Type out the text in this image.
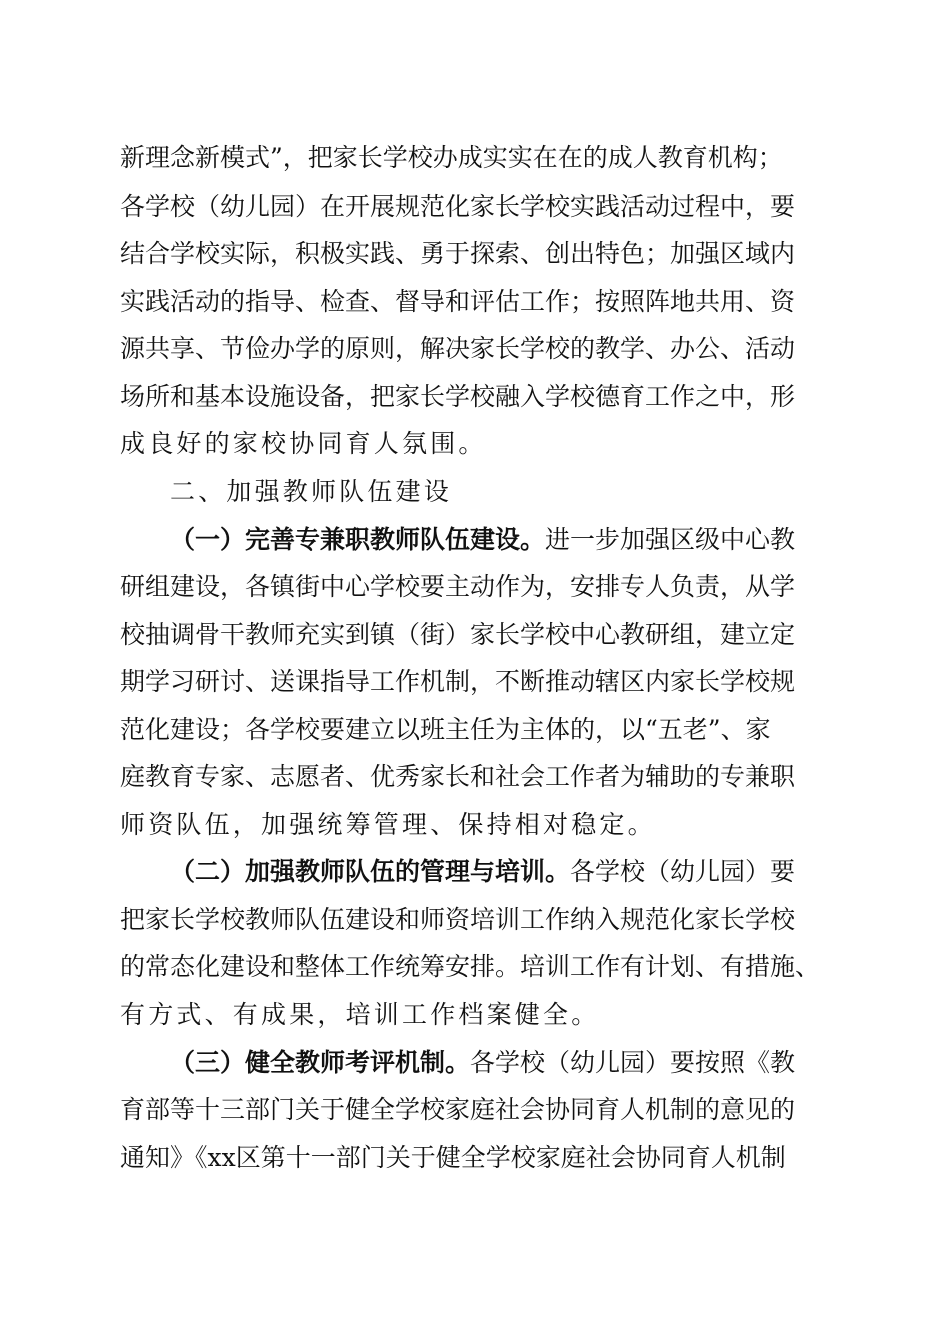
新理念新模式”，把家长学校办成实实在在的成人教育机构；
各学校（幼儿园）在开展规范化家长学校实践活动过程中，要
结合学校实际，积极实践、勇于探索、创出特色；加强区域内
实践活动的指导、检查、督导和评估工作；按照阵地共用、资
源共享、节俭办学的原则，解决家长学校的教学、办公、活动
场所和基本设施设备，把家长学校融入学校德育工作之中，形
成良好的家校协同育人氛围。
二、加强教师队伍建设
（一）完善专兼职教师队伍建设。进一步加强区级中心教
研组建设，各镇街中心学校要主动作为，安排专人负责，从学
校抽调骨干教师充实到镇（街）家长学校中心教研组，建立定
期学习研讨、送课指导工作机制，不断推动辖区内家长学校规
范化建设；各学校要建立以班主任为主体的，以“五老”、家
庭教育专家、志愿者、优秀家长和社会工作者为辅助的专兼职
师资队伍，加强统筹管理、保持相对稳定。
（二）加强教师队伍的管理与培训。各学校（幼儿园）要
把家长学校教师队伍建设和师资培训工作纳入规范化家长学校
的常态化建设和整体工作统筹安排。培训工作有计划、有措施、
有方式、有成果，培训工作档案健全。
（三）健全教师考评机制。各学校（幼儿园）要按照《教
育部等十三部门关于健全学校家庭社会协同育人机制的意见的
通知》《xx区第十一部门关于健全学校家庭社会协同育人机制
